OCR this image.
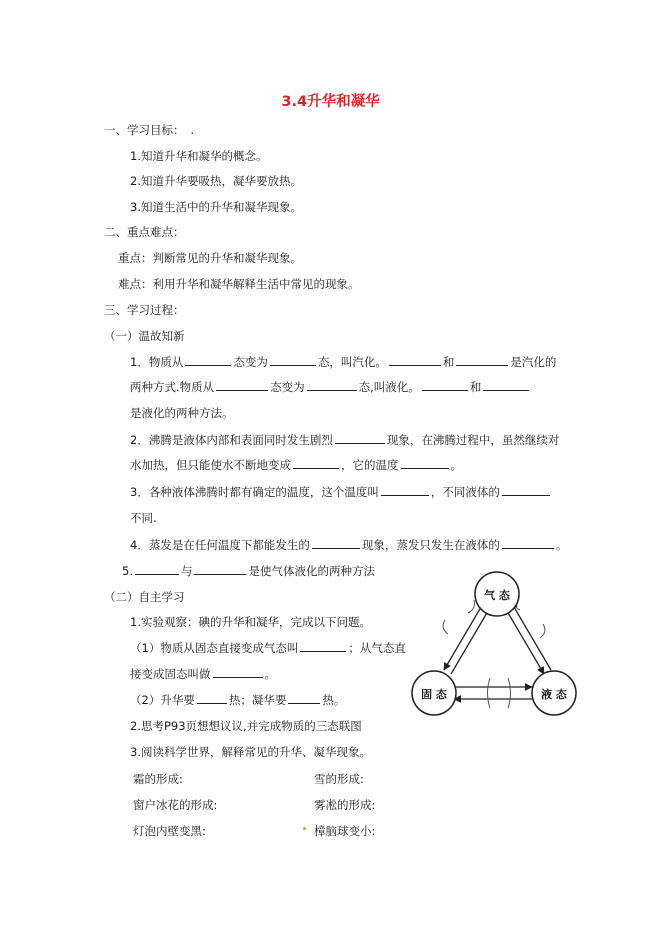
3.4升华和凝华
一、学习目标： .
1.知道升华和凝华的概念。
2.知道升华要吸热，凝华要放热。
3.知道生活中的升华和凝华现象。
二、重点难点：
重点：判断常见的升华和凝华现象。
难点：利用升华和凝华解释生活中常见的现象。
三、学习过程：
（一）温故知新
1．物质从	态变为	态，叫汽化。	和	是汽化的
两种方式.物质从	态变为	态,叫液化。	和
是液化的两种方法。
2．沸腾是液体内部和表面同时发生剧烈	现象，在沸腾过程中，虽然继续对
水加热，但只能使水不断地变成	，它的温度	。
3．各种液体沸腾时都有确定的温度，这个温度叫	，不同液体的
不同.
4．蒸发是在任何温度下都能发生的	现象，蒸发只发生在液体的	。
5.	与	是使气体液化的两种方法
（二）自主学习
1.实验观察：碘的升华和凝华，完成以下问题。
（1）物质从固态直接变成气态叫	；从气态直
接变成固态叫做	。
（2）升华要	热；凝华要	热。
2.思考P93页想想议议,并完成物质的三态联图
3.阅读科学世界，解释常见的升华、凝华现象。
霜的形成:	雪的形成:
窗户冰花的形成:	雾凇的形成:
灯泡内壁变黑:	樟脑球变小:
气 态
固 态	液 态
